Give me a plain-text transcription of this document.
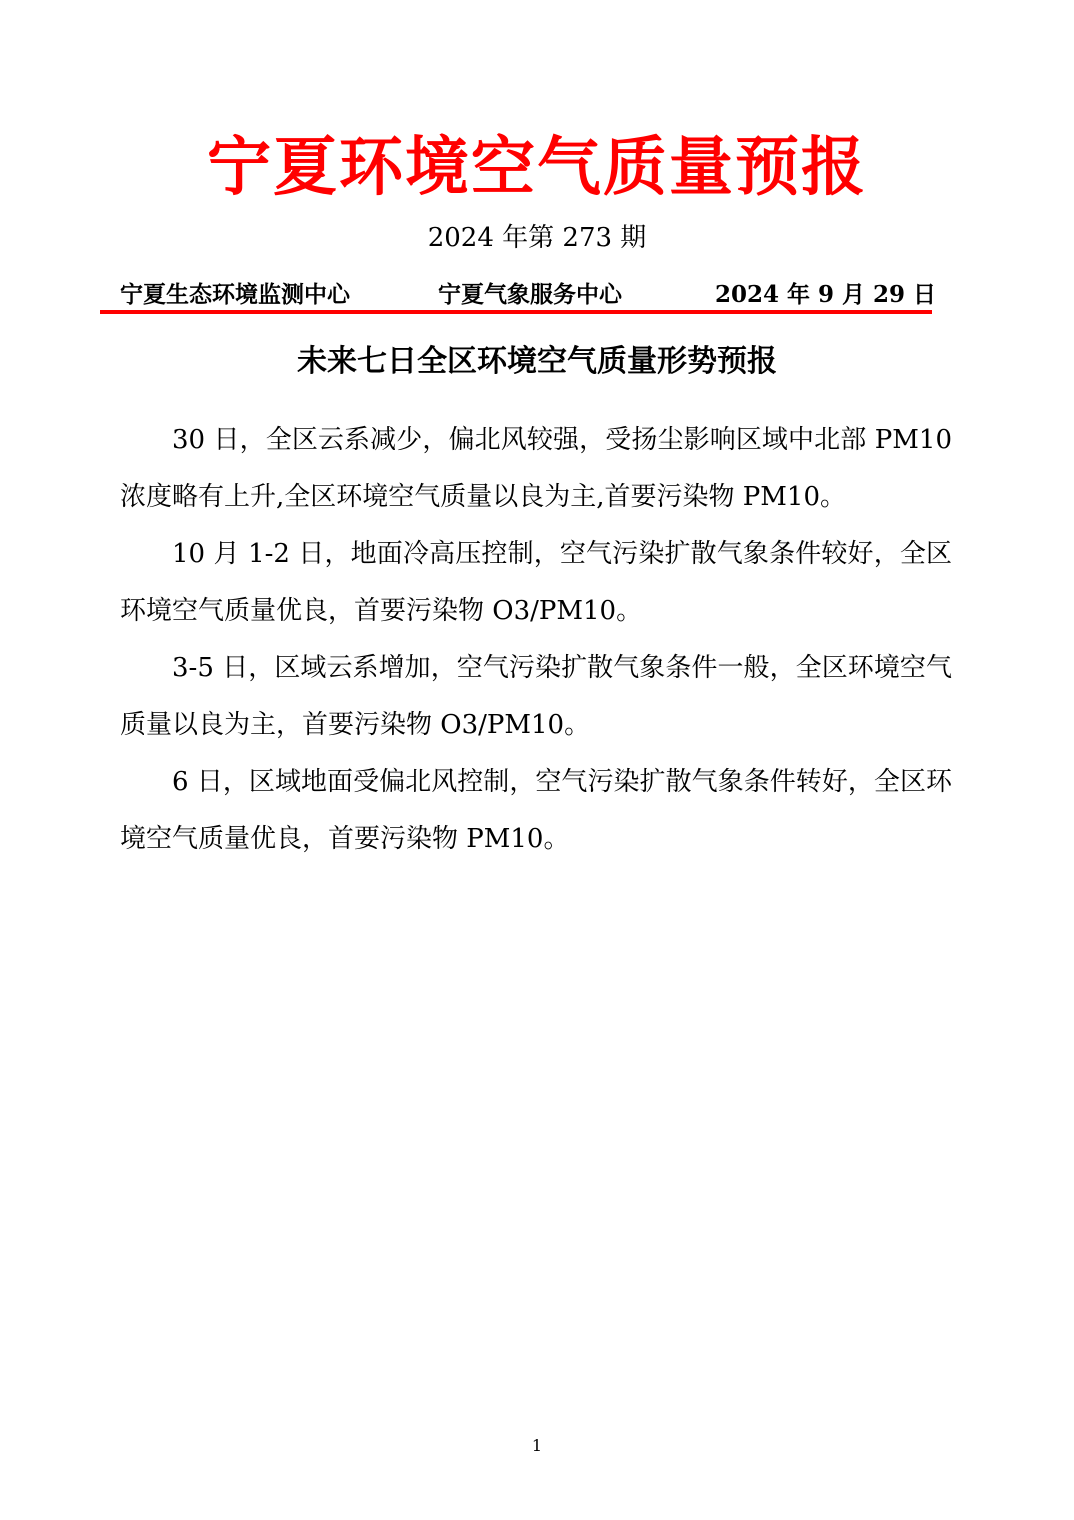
宁夏环境空气质量预报
2024 年第 273 期
宁夏生态环境监测中心	宁夏气象服务中心	2024 年 9 月 29 日
未来七日全区环境空气质量形势预报

30 日，全区云系减少，偏北风较强，受扬尘影响区域中北部 PM10浓度略有上升,全区环境空气质量以良为主,首要污染物 PM10。

10 月 1-2 日，地面冷高压控制，空气污染扩散气象条件较好，全区环境空气质量优良，首要污染物 O3/PM10。

3-5 日，区域云系增加，空气污染扩散气象条件一般，全区环境空气质量以良为主，首要污染物 O3/PM10。

6 日，区域地面受偏北风控制，空气污染扩散气象条件转好，全区环境空气质量优良，首要污染物 PM10。

1
